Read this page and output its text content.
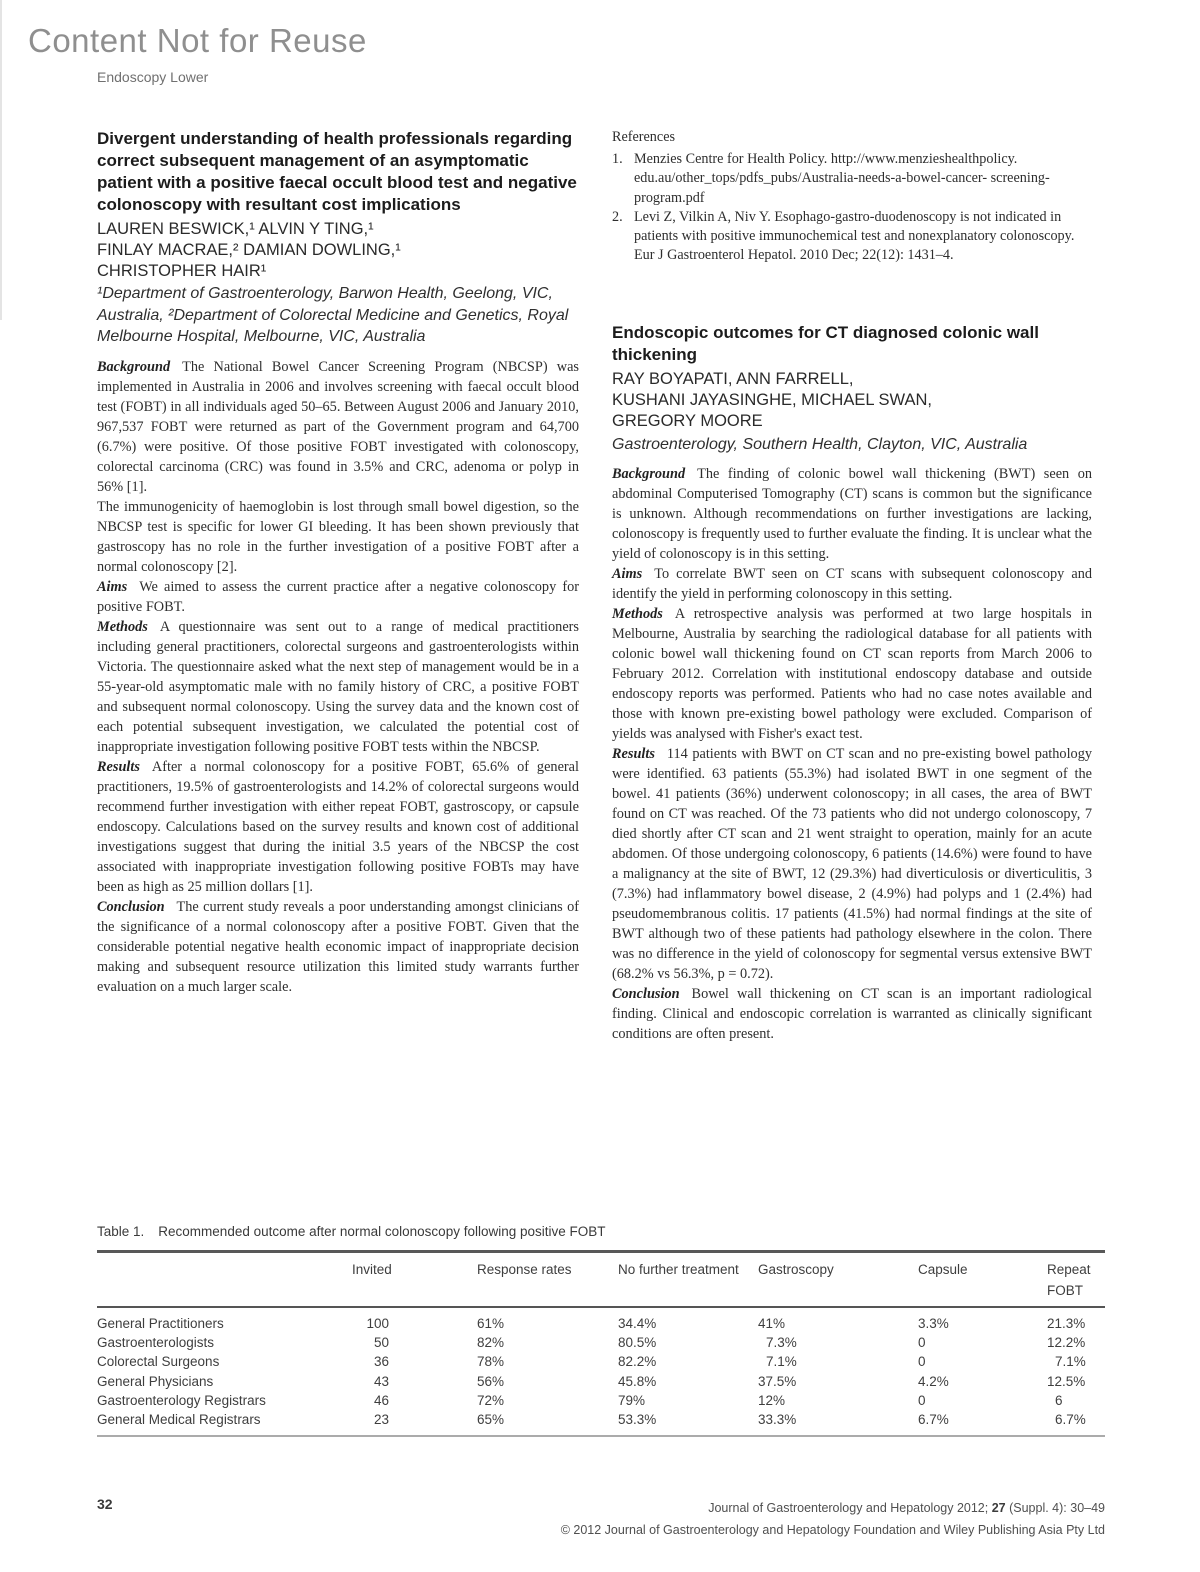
Content Not for Reuse
Endoscopy Lower
Divergent understanding of health professionals regarding correct subsequent management of an asymptomatic patient with a positive faecal occult blood test and negative colonoscopy with resultant cost implications
LAUREN BESWICK,¹ ALVIN Y TING,¹
FINLAY MACRAE,² DAMIAN DOWLING,¹
CHRISTOPHER HAIR¹
¹Department of Gastroenterology, Barwon Health, Geelong, VIC, Australia, ²Department of Colorectal Medicine and Genetics, Royal Melbourne Hospital, Melbourne, VIC, Australia
Background The National Bowel Cancer Screening Program (NBCSP) was implemented in Australia in 2006 and involves screening with faecal occult blood test (FOBT) in all individuals aged 50–65. Between August 2006 and January 2010, 967,537 FOBT were returned as part of the Government program and 64,700 (6.7%) were positive. Of those positive FOBT investigated with colonoscopy, colorectal carcinoma (CRC) was found in 3.5% and CRC, adenoma or polyp in 56% [1].
The immunogenicity of haemoglobin is lost through small bowel digestion, so the NBCSP test is specific for lower GI bleeding. It has been shown previously that gastroscopy has no role in the further investigation of a positive FOBT after a normal colonoscopy [2].
Aims We aimed to assess the current practice after a negative colonoscopy for positive FOBT.
Methods A questionnaire was sent out to a range of medical practitioners including general practitioners, colorectal surgeons and gastroenterologists within Victoria. The questionnaire asked what the next step of management would be in a 55-year-old asymptomatic male with no family history of CRC, a positive FOBT and subsequent normal colonoscopy. Using the survey data and the known cost of each potential subsequent investigation, we calculated the potential cost of inappropriate investigation following positive FOBT tests within the NBCSP.
Results After a normal colonoscopy for a positive FOBT, 65.6% of general practitioners, 19.5% of gastroenterologists and 14.2% of colorectal surgeons would recommend further investigation with either repeat FOBT, gastroscopy, or capsule endoscopy. Calculations based on the survey results and known cost of additional investigations suggest that during the initial 3.5 years of the NBCSP the cost associated with inappropriate investigation following positive FOBTs may have been as high as 25 million dollars [1].
Conclusion The current study reveals a poor understanding amongst clinicians of the significance of a normal colonoscopy after a positive FOBT. Given that the considerable potential negative health economic impact of inappropriate decision making and subsequent resource utilization this limited study warrants further evaluation on a much larger scale.
References
1. Menzies Centre for Health Policy. http://www.menzieshealthpolicy. edu.au/other_tops/pdfs_pubs/Australia-needs-a-bowel-cancer- screening-program.pdf
2. Levi Z, Vilkin A, Niv Y. Esophago-gastro-duodenoscopy is not indicated in patients with positive immunochemical test and nonexplanatory colonoscopy. Eur J Gastroenterol Hepatol. 2010 Dec; 22(12): 1431–4.
Endoscopic outcomes for CT diagnosed colonic wall thickening
RAY BOYAPATI, ANN FARRELL,
KUSHANI JAYASINGHE, MICHAEL SWAN,
GREGORY MOORE
Gastroenterology, Southern Health, Clayton, VIC, Australia
Background The finding of colonic bowel wall thickening (BWT) seen on abdominal Computerised Tomography (CT) scans is common but the significance is unknown. Although recommendations on further investigations are lacking, colonoscopy is frequently used to further evaluate the finding. It is unclear what the yield of colonoscopy is in this setting.
Aims To correlate BWT seen on CT scans with subsequent colonoscopy and identify the yield in performing colonoscopy in this setting.
Methods A retrospective analysis was performed at two large hospitals in Melbourne, Australia by searching the radiological database for all patients with colonic bowel wall thickening found on CT scan reports from March 2006 to February 2012. Correlation with institutional endoscopy database and outside endoscopy reports was performed. Patients who had no case notes available and those with known pre-existing bowel pathology were excluded. Comparison of yields was analysed with Fisher's exact test.
Results 114 patients with BWT on CT scan and no pre-existing bowel pathology were identified. 63 patients (55.3%) had isolated BWT in one segment of the bowel. 41 patients (36%) underwent colonoscopy; in all cases, the area of BWT found on CT was reached. Of the 73 patients who did not undergo colonoscopy, 7 died shortly after CT scan and 21 went straight to operation, mainly for an acute abdomen. Of those undergoing colonoscopy, 6 patients (14.6%) were found to have a malignancy at the site of BWT, 12 (29.3%) had diverticulosis or diverticulitis, 3 (7.3%) had inflammatory bowel disease, 2 (4.9%) had polyps and 1 (2.4%) had pseudomembranous colitis. 17 patients (41.5%) had normal findings at the site of BWT although two of these patients had pathology elsewhere in the colon. There was no difference in the yield of colonoscopy for segmental versus extensive BWT (68.2% vs 56.3%, p = 0.72).
Conclusion Bowel wall thickening on CT scan is an important radiological finding. Clinical and endoscopic correlation is warranted as clinically significant conditions are often present.
Table 1. Recommended outcome after normal colonoscopy following positive FOBT
	Invited	Response rates	No further treatment	Gastroscopy	Capsule	Repeat FOBT
General Practitioners	100	61%	34.4%	41%	3.3%	21.3%
Gastroenterologists	50	82%	80.5%	7.3%	0	12.2%
Colorectal Surgeons	36	78%	82.2%	7.1%	0	7.1%
General Physicians	43	56%	45.8%	37.5%	4.2%	12.5%
Gastroenterology Registrars	46	72%	79%	12%	0	6
General Medical Registrars	23	65%	53.3%	33.3%	6.7%	6.7%
32	Journal of Gastroenterology and Hepatology 2012; 27 (Suppl. 4): 30–49
© 2012 Journal of Gastroenterology and Hepatology Foundation and Wiley Publishing Asia Pty Ltd
